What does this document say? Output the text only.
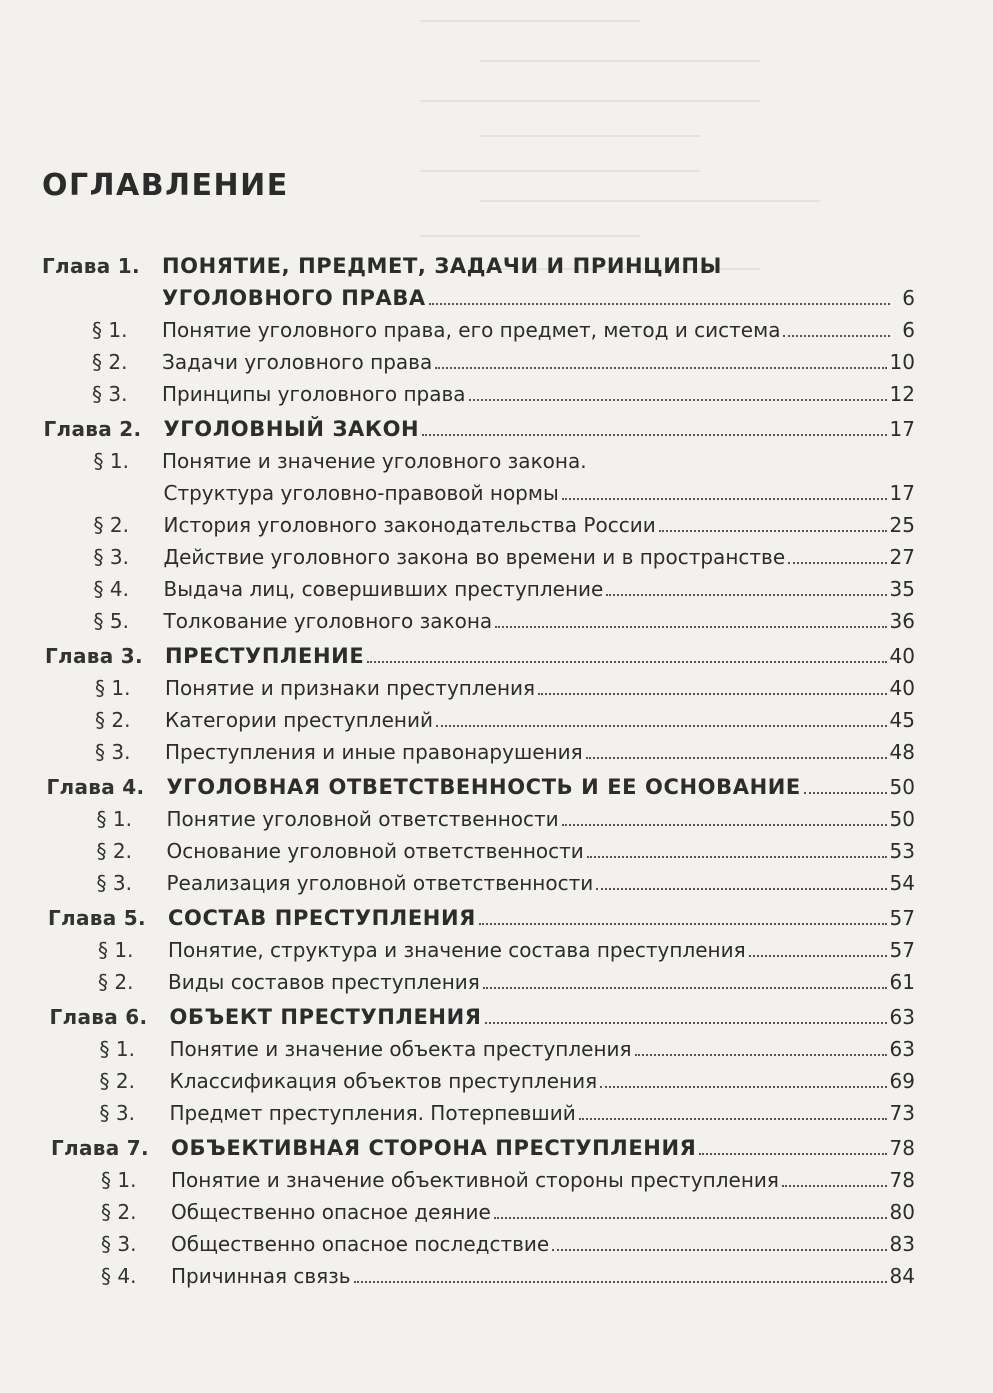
ОГЛАВЛЕНИЕ
Глава 1. ПОНЯТИЕ, ПРЕДМЕТ, ЗАДАЧИ И ПРИНЦИПЫ
УГОЛОВНОГО ПРАВА	6
§ 1. Понятие уголовного права, его предмет, метод и система	6
§ 2. Задачи уголовного права	10
§ 3. Принципы уголовного права	12
Глава 2. УГОЛОВНЫЙ ЗАКОН	17
§ 1. Понятие и значение уголовного закона.
Структура уголовно-правовой нормы	17
§ 2. История уголовного законодательства России	25
§ 3. Действие уголовного закона во времени и в пространстве	27
§ 4. Выдача лиц, совершивших преступление	35
§ 5. Толкование уголовного закона	36
Глава 3. ПРЕСТУПЛЕНИЕ	40
§ 1. Понятие и признаки преступления	40
§ 2. Категории преступлений	45
§ 3. Преступления и иные правонарушения	48
Глава 4. УГОЛОВНАЯ ОТВЕТСТВЕННОСТЬ И ЕЕ ОСНОВАНИЕ	50
§ 1. Понятие уголовной ответственности	50
§ 2. Основание уголовной ответственности	53
§ 3. Реализация уголовной ответственности	54
Глава 5. СОСТАВ ПРЕСТУПЛЕНИЯ	57
§ 1. Понятие, структура и значение состава преступления	57
§ 2. Виды составов преступления	61
Глава 6. ОБЪЕКТ ПРЕСТУПЛЕНИЯ	63
§ 1. Понятие и значение объекта преступления	63
§ 2. Классификация объектов преступления	69
§ 3. Предмет преступления. Потерпевший	73
Глава 7. ОБЪЕКТИВНАЯ СТОРОНА ПРЕСТУПЛЕНИЯ	78
§ 1. Понятие и значение объективной стороны преступления	78
§ 2. Общественно опасное деяние	80
§ 3. Общественно опасное последствие	83
§ 4. Причинная связь	84
